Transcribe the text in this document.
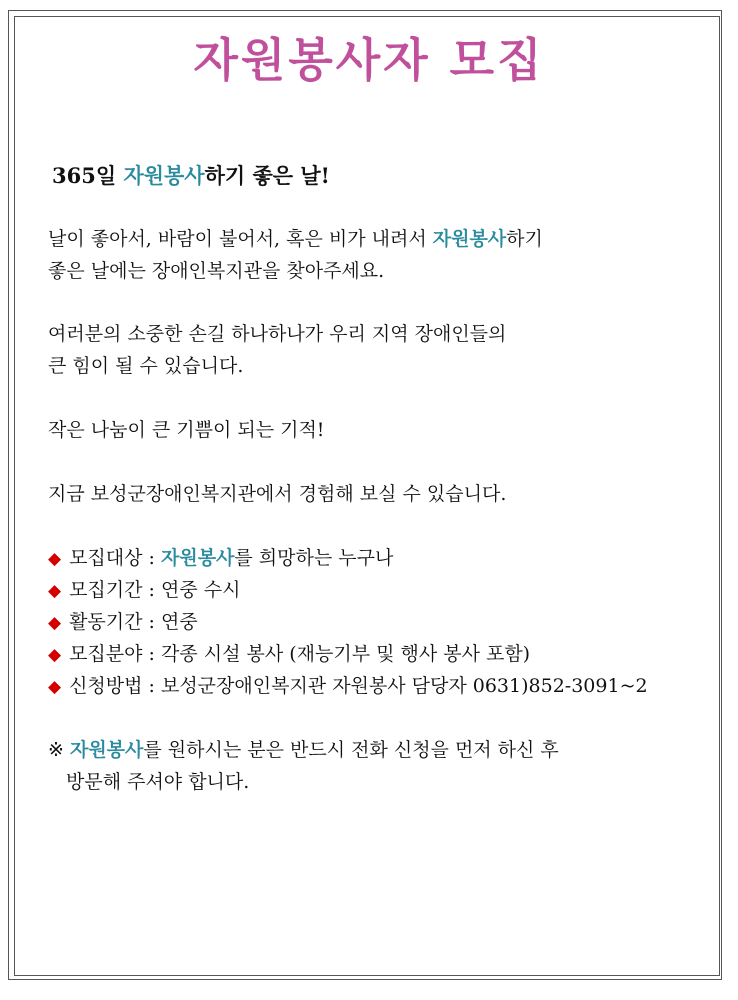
자원봉사자 모집
365일 자원봉사하기 좋은 날!
날이 좋아서, 바람이 불어서, 혹은 비가 내려서 자원봉사하기
좋은 날에는 장애인복지관을 찾아주세요.
여러분의 소중한 손길 하나하나가 우리 지역 장애인들의
큰 힘이 될 수 있습니다.
작은 나눔이 큰 기쁨이 되는 기적!
지금 보성군장애인복지관에서 경험해 보실 수 있습니다.
◆ 모집대상 : 자원봉사를 희망하는 누구나
◆ 모집기간 : 연중 수시
◆ 활동기간 : 연중
◆ 모집분야 : 각종 시설 봉사 (재능기부 및 행사 봉사 포함)
◆ 신청방법 : 보성군장애인복지관 자원봉사 담당자 0631)852-3091~2
※ 자원봉사를 원하시는 분은 반드시 전화 신청을 먼저 하신 후
방문해 주셔야 합니다.
